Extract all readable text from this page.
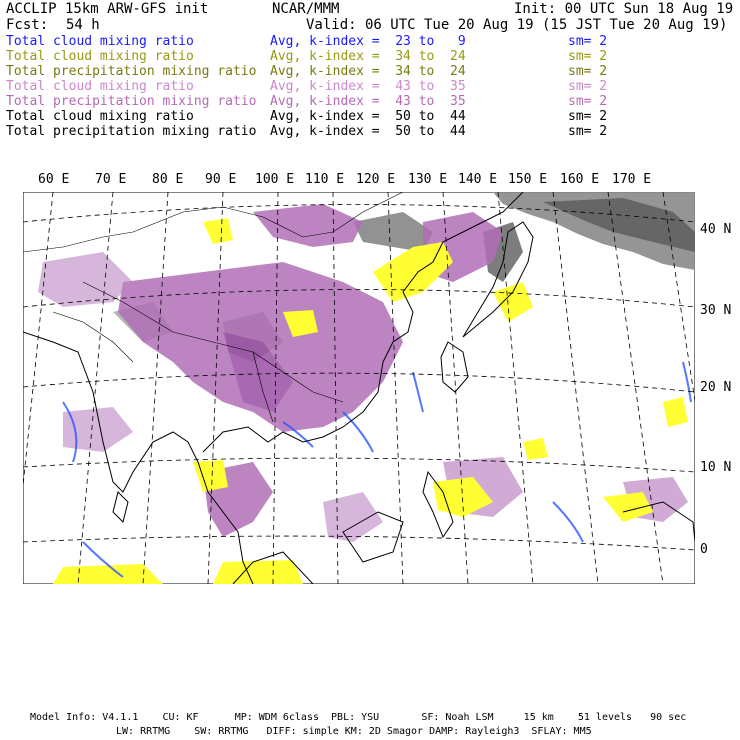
ACCLIP 15km ARW-GFS init	NCAR/MMM	Init: 00 UTC Sun 18 Aug 19
Fcst: 54 h	Valid: 06 UTC Tue 20 Aug 19 (15 JST Tue 20 Aug 19)
Total cloud mixing ratio	Avg, k-index =  23 to   9	sm= 2
Total cloud mixing ratio	Avg, k-index =  34 to  24	sm= 2
Total precipitation mixing ratio Avg, k-index =  34 to  24	sm= 2
Total cloud mixing ratio	Avg, k-index =  43 to  35	sm= 2
Total precipitation mixing ratio Avg, k-index =  43 to  35	sm= 2
Total cloud mixing ratio	Avg, k-index =  50 to  44	sm= 2
Total precipitation mixing ratio Avg, k-index =  50 to  44	sm= 2
60 E 70 E 80 E 90 E 100 E 110 E 120 E 130 E 140 E 150 E 160 E 170 E
40 N
30 N
20 N
10 N
0
Model Info: V4.1.1    CU: KF      MP: WDM 6class  PBL: YSU       SF: Noah LSM     15 km    51 levels   90 sec
LW: RRTMG    SW: RRTMG   DIFF: simple KM: 2D Smagor DAMP: Rayleigh3  SFLAY: MM5
